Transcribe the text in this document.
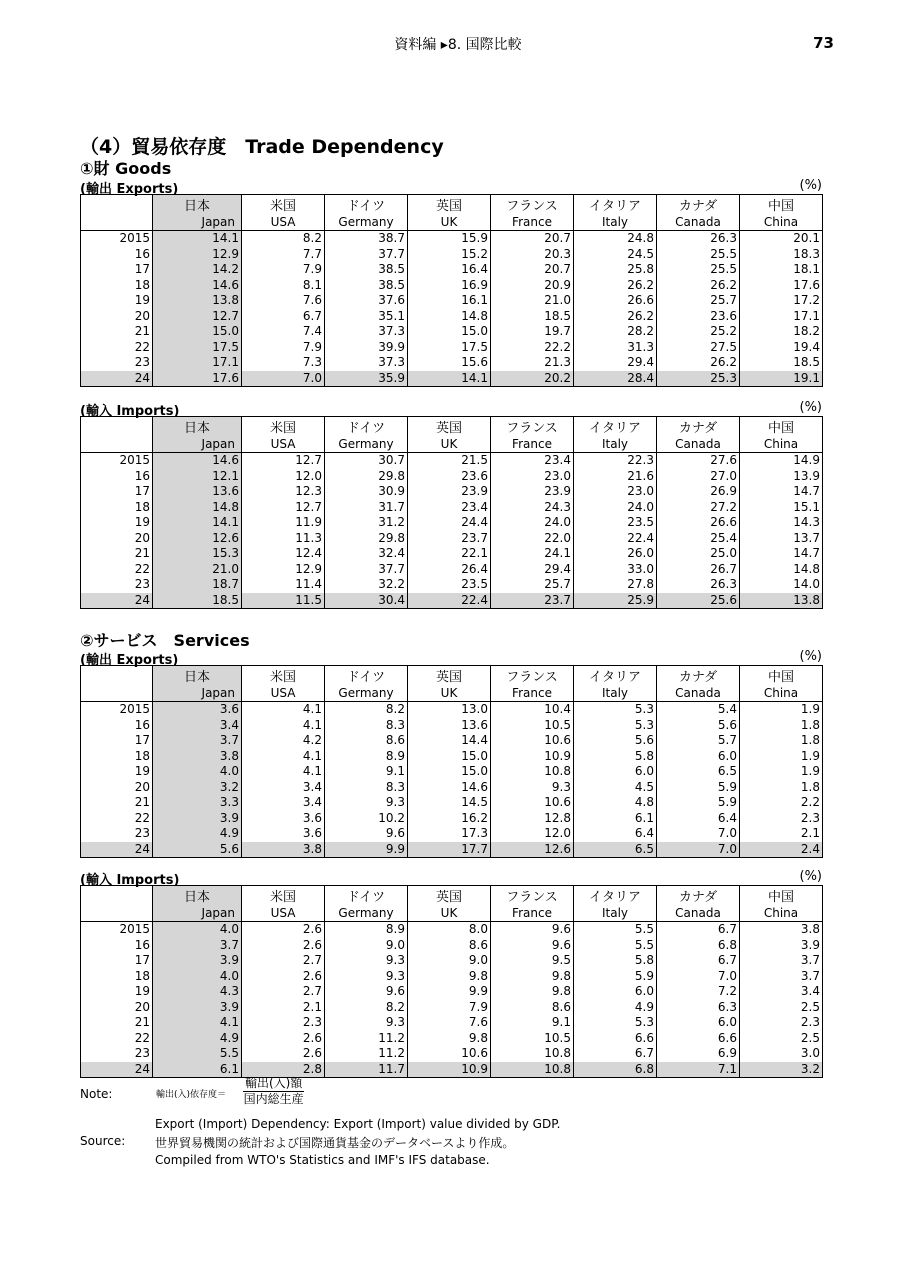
資料編 ▸8. 国際比較	73
（4）貿易依存度　Trade Dependency
①財 Goods
(輸出 Exports)	(%)
	日本	米国	ドイツ	英国	フランス	イタリア	カナダ	中国
	Japan	USA	Germany	UK	France	Italy	Canada	China
2015	14.1	8.2	38.7	15.9	20.7	24.8	26.3	20.1
16	12.9	7.7	37.7	15.2	20.3	24.5	25.5	18.3
17	14.2	7.9	38.5	16.4	20.7	25.8	25.5	18.1
18	14.6	8.1	38.5	16.9	20.9	26.2	26.2	17.6
19	13.8	7.6	37.6	16.1	21.0	26.6	25.7	17.2
20	12.7	6.7	35.1	14.8	18.5	26.2	23.6	17.1
21	15.0	7.4	37.3	15.0	19.7	28.2	25.2	18.2
22	17.5	7.9	39.9	17.5	22.2	31.3	27.5	19.4
23	17.1	7.3	37.3	15.6	21.3	29.4	26.2	18.5
24	17.6	7.0	35.9	14.1	20.2	28.4	25.3	19.1
(輸入 Imports)	(%)
	日本	米国	ドイツ	英国	フランス	イタリア	カナダ	中国
	Japan	USA	Germany	UK	France	Italy	Canada	China
2015	14.6	12.7	30.7	21.5	23.4	22.3	27.6	14.9
16	12.1	12.0	29.8	23.6	23.0	21.6	27.0	13.9
17	13.6	12.3	30.9	23.9	23.9	23.0	26.9	14.7
18	14.8	12.7	31.7	23.4	24.3	24.0	27.2	15.1
19	14.1	11.9	31.2	24.4	24.0	23.5	26.6	14.3
20	12.6	11.3	29.8	23.7	22.0	22.4	25.4	13.7
21	15.3	12.4	32.4	22.1	24.1	26.0	25.0	14.7
22	21.0	12.9	37.7	26.4	29.4	33.0	26.7	14.8
23	18.7	11.4	32.2	23.5	25.7	27.8	26.3	14.0
24	18.5	11.5	30.4	22.4	23.7	25.9	25.6	13.8
②サービス　Services
(輸出 Exports)	(%)
	日本	米国	ドイツ	英国	フランス	イタリア	カナダ	中国
	Japan	USA	Germany	UK	France	Italy	Canada	China
2015	3.6	4.1	8.2	13.0	10.4	5.3	5.4	1.9
16	3.4	4.1	8.3	13.6	10.5	5.3	5.6	1.8
17	3.7	4.2	8.6	14.4	10.6	5.6	5.7	1.8
18	3.8	4.1	8.9	15.0	10.9	5.8	6.0	1.9
19	4.0	4.1	9.1	15.0	10.8	6.0	6.5	1.9
20	3.2	3.4	8.3	14.6	9.3	4.5	5.9	1.8
21	3.3	3.4	9.3	14.5	10.6	4.8	5.9	2.2
22	3.9	3.6	10.2	16.2	12.8	6.1	6.4	2.3
23	4.9	3.6	9.6	17.3	12.0	6.4	7.0	2.1
24	5.6	3.8	9.9	17.7	12.6	6.5	7.0	2.4
(輸入 Imports)	(%)
	日本	米国	ドイツ	英国	フランス	イタリア	カナダ	中国
	Japan	USA	Germany	UK	France	Italy	Canada	China
2015	4.0	2.6	8.9	8.0	9.6	5.5	6.7	3.8
16	3.7	2.6	9.0	8.6	9.6	5.5	6.8	3.9
17	3.9	2.7	9.3	9.0	9.5	5.8	6.7	3.7
18	4.0	2.6	9.3	9.8	9.8	5.9	7.0	3.7
19	4.3	2.7	9.6	9.9	9.8	6.0	7.2	3.4
20	3.9	2.1	8.2	7.9	8.6	4.9	6.3	2.5
21	4.1	2.3	9.3	7.6	9.1	5.3	6.0	2.3
22	4.9	2.6	11.2	9.8	10.5	6.6	6.6	2.5
23	5.5	2.6	11.2	10.6	10.8	6.7	6.9	3.0
24	6.1	2.8	11.7	10.9	10.8	6.8	7.1	3.2
Note:	輸出(入)依存度＝
輸出(入)額
国内総生産
Export (Import) Dependency: Export (Import) value divided by GDP.
Source: 世界貿易機関の統計および国際通貨基金のデータベースより作成。
Compiled from WTO's Statistics and IMF's IFS database.
